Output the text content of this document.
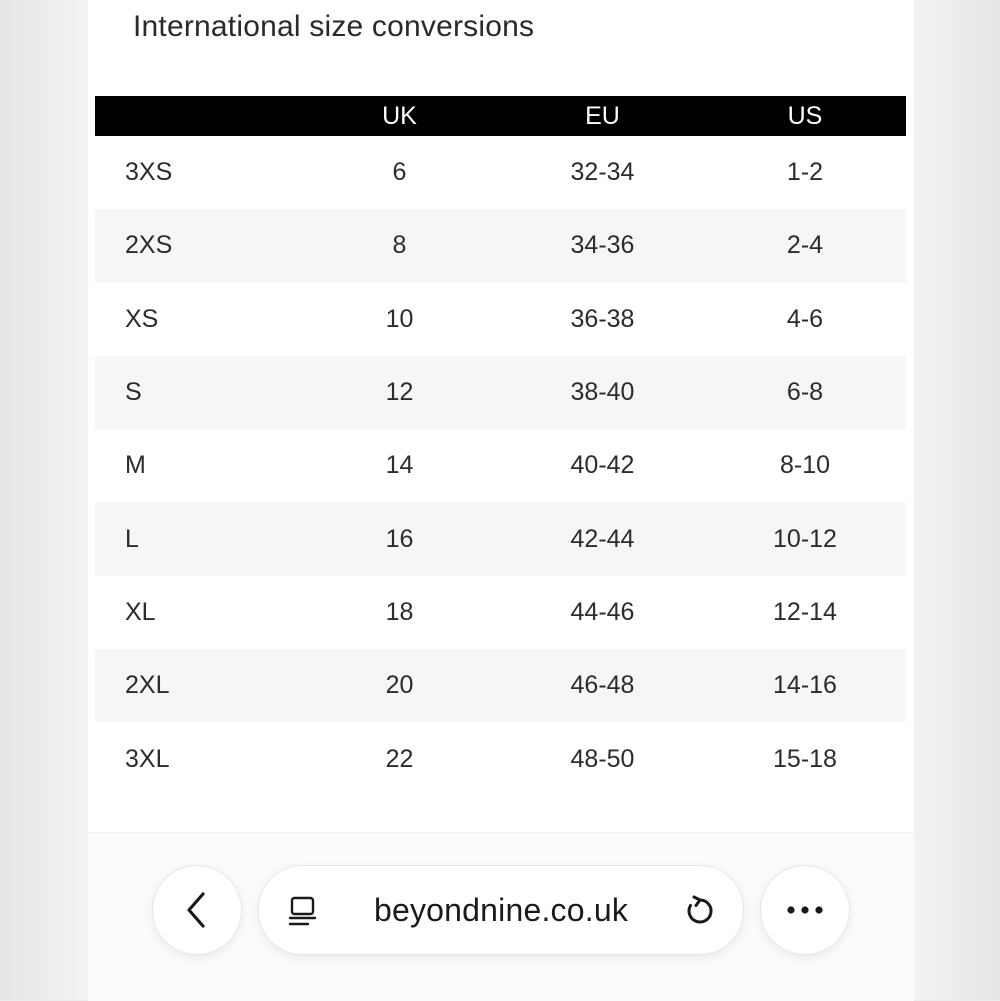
International size conversions
	UK	EU	US
3XS	6	32-34	1-2
2XS	8	34-36	2-4
XS	10	36-38	4-6
S	12	38-40	6-8
M	14	40-42	8-10
L	16	42-44	10-12
XL	18	44-46	12-14
2XL	20	46-48	14-16
3XL	22	48-50	15-18
beyondnine.co.uk
